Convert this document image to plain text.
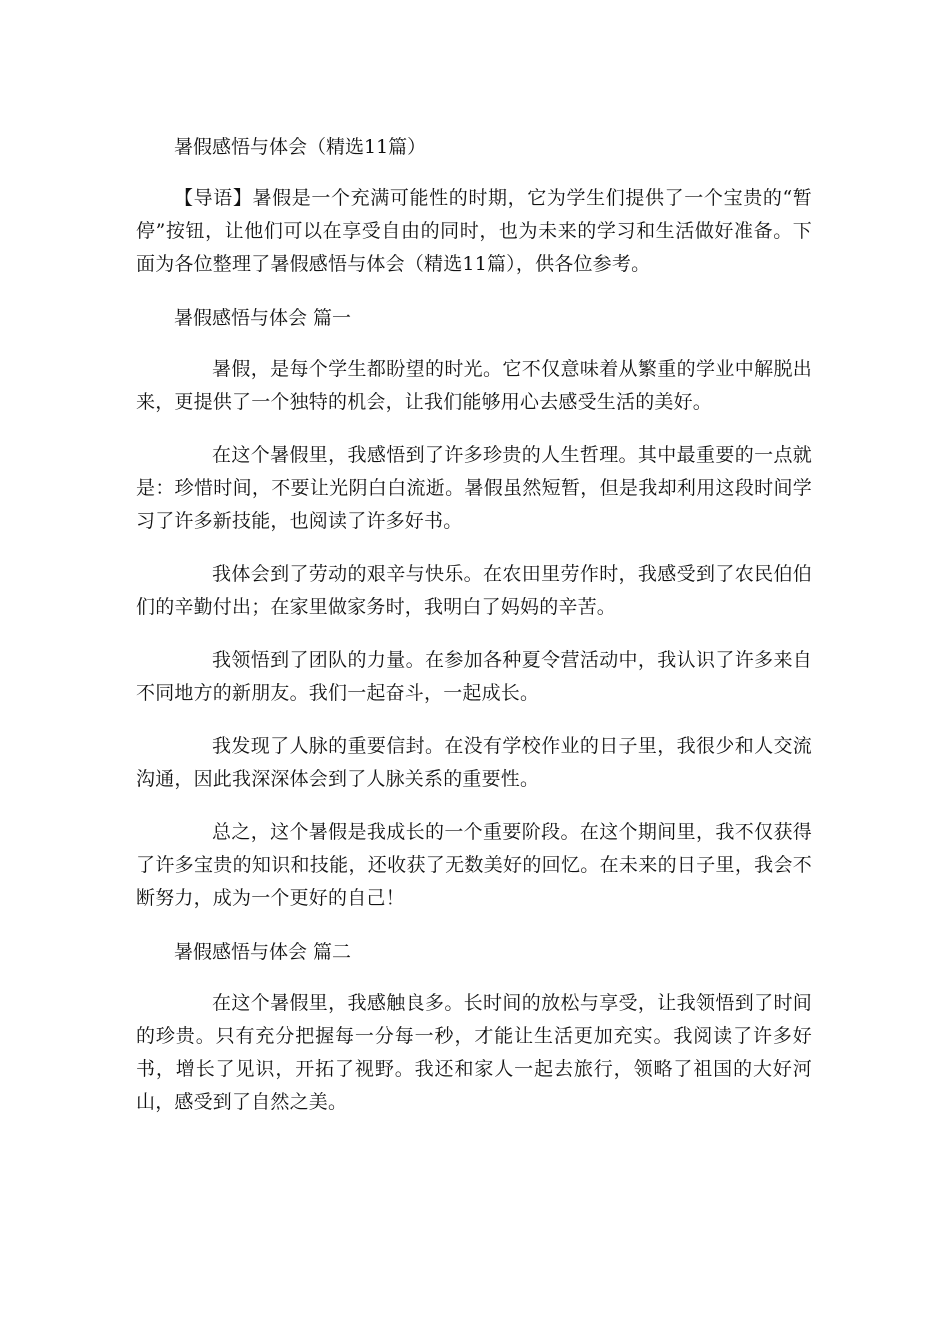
暑假感悟与体会（精选11篇）

【导语】暑假是一个充满可能性的时期，它为学生们提供了一个宝贵的“暂停”按钮，让他们可以在享受自由的同时，也为未来的学习和生活做好准备。下面为各位整理了暑假感悟与体会（精选11篇），供各位参考。

暑假感悟与体会 篇一

暑假，是每个学生都盼望的时光。它不仅意味着从繁重的学业中解脱出来，更提供了一个独特的机会，让我们能够用心去感受生活的美好。

在这个暑假里，我感悟到了许多珍贵的人生哲理。其中最重要的一点就是：珍惜时间，不要让光阴白白流逝。暑假虽然短暂，但是我却利用这段时间学习了许多新技能，也阅读了许多好书。

我体会到了劳动的艰辛与快乐。在农田里劳作时，我感受到了农民伯伯们的辛勤付出；在家里做家务时，我明白了妈妈的辛苦。

我领悟到了团队的力量。在参加各种夏令营活动中，我认识了许多来自不同地方的新朋友。我们一起奋斗，一起成长。

我发现了人脉的重要信封。在没有学校作业的日子里，我很少和人交流沟通，因此我深深体会到了人脉关系的重要性。

总之，这个暑假是我成长的一个重要阶段。在这个期间里，我不仅获得了许多宝贵的知识和技能，还收获了无数美好的回忆。在未来的日子里，我会不断努力，成为一个更好的自己！

暑假感悟与体会 篇二

在这个暑假里，我感触良多。长时间的放松与享受，让我领悟到了时间的珍贵。只有充分把握每一分每一秒，才能让生活更加充实。我阅读了许多好书，增长了见识，开拓了视野。我还和家人一起去旅行，领略了祖国的大好河山，感受到了自然之美。
